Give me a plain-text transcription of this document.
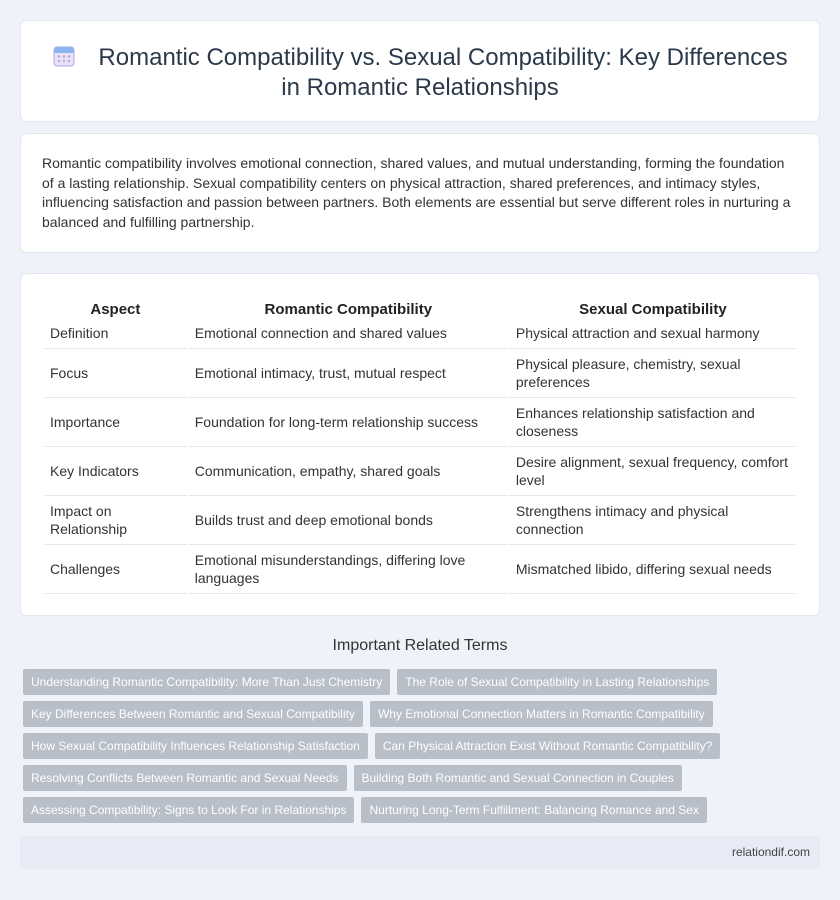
Romantic Compatibility vs. Sexual Compatibility: Key Differences in Romantic Relationships

Romantic compatibility involves emotional connection, shared values, and mutual understanding, forming the foundation of a lasting relationship. Sexual compatibility centers on physical attraction, shared preferences, and intimacy styles, influencing satisfaction and passion between partners. Both elements are essential but serve different roles in nurturing a balanced and fulfilling partnership.

Aspect	Romantic Compatibility	Sexual Compatibility
Definition	Emotional connection and shared values	Physical attraction and sexual harmony
Focus	Emotional intimacy, trust, mutual respect	Physical pleasure, chemistry, sexual preferences
Importance	Foundation for long-term relationship success	Enhances relationship satisfaction and closeness
Key Indicators	Communication, empathy, shared goals	Desire alignment, sexual frequency, comfort level
Impact on Relationship	Builds trust and deep emotional bonds	Strengthens intimacy and physical connection
Challenges	Emotional misunderstandings, differing love languages	Mismatched libido, differing sexual needs
Important Related Terms
Understanding Romantic Compatibility: More Than Just Chemistry	The Role of Sexual Compatibility in Lasting Relationships
Key Differences Between Romantic and Sexual Compatibility	Why Emotional Connection Matters in Romantic Compatibility
How Sexual Compatibility Influences Relationship Satisfaction	Can Physical Attraction Exist Without Romantic Compatibility?
Resolving Conflicts Between Romantic and Sexual Needs	Building Both Romantic and Sexual Connection in Couples
Assessing Compatibility: Signs to Look For in Relationships	Nurturing Long-Term Fulfillment: Balancing Romance and Sex
relationdif.com
